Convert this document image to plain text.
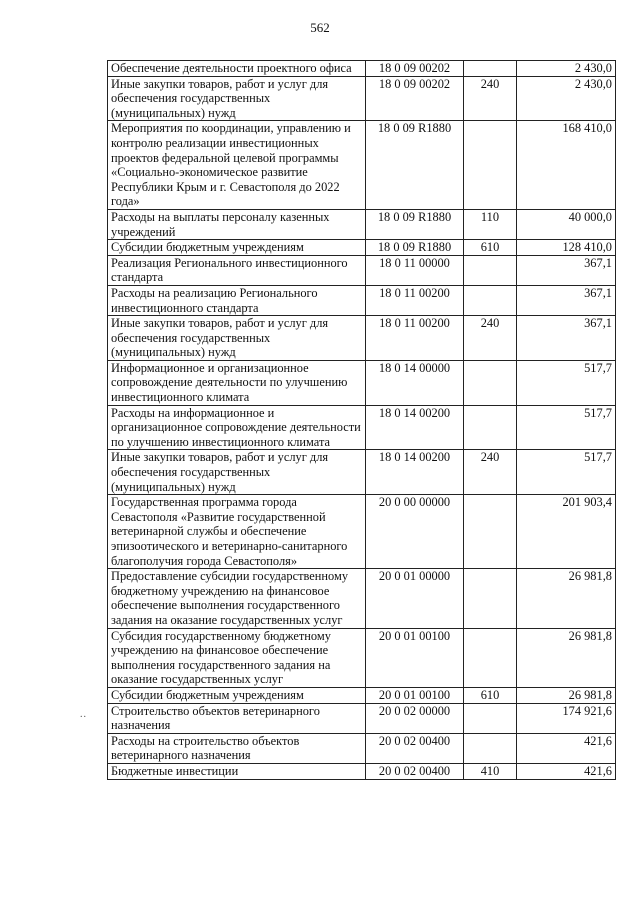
562
..
Обеспечение деятельности проектного офиса	18 0 09 00202		2 430,0
Иные закупки товаров, работ и услуг для обеспечения государственных (муниципальных) нужд	18 0 09 00202	240	2 430,0
Мероприятия по координации, управлению и контролю реализации инвестиционных проектов федеральной целевой программы «Социально-экономическое развитие Республики Крым и г. Севастополя до 2022 года»	18 0 09 R1880		168 410,0
Расходы на выплаты персоналу казенных учреждений	18 0 09 R1880	110	40 000,0
Субсидии бюджетным учреждениям	18 0 09 R1880	610	128 410,0
Реализация Регионального инвестиционного стандарта	18 0 11 00000		367,1
Расходы на реализацию Регионального инвестиционного стандарта	18 0 11 00200		367,1
Иные закупки товаров, работ и услуг для обеспечения государственных (муниципальных) нужд	18 0 11 00200	240	367,1
Информационное и организационное сопровождение деятельности по улучшению инвестиционного климата	18 0 14 00000		517,7
Расходы на информационное и организационное сопровождение деятельности по улучшению инвестиционного климата	18 0 14 00200		517,7
Иные закупки товаров, работ и услуг для обеспечения государственных (муниципальных) нужд	18 0 14 00200	240	517,7
Государственная программа города Севастополя «Развитие государственной ветеринарной службы и обеспечение эпизоотического и ветеринарно-санитарного благополучия города Севастополя»	20 0 00 00000		201 903,4
Предоставление субсидии государственному бюджетному учреждению на финансовое обеспечение выполнения государственного задания на оказание государственных услуг	20 0 01 00000		26 981,8
Субсидия государственному бюджетному учреждению на финансовое обеспечение выполнения государственного задания на оказание государственных услуг	20 0 01 00100		26 981,8
Субсидии бюджетным учреждениям	20 0 01 00100	610	26 981,8
Строительство объектов ветеринарного назначения	20 0 02 00000		174 921,6
Расходы на строительство объектов ветеринарного назначения	20 0 02 00400		421,6
Бюджетные инвестиции	20 0 02 00400	410	421,6
